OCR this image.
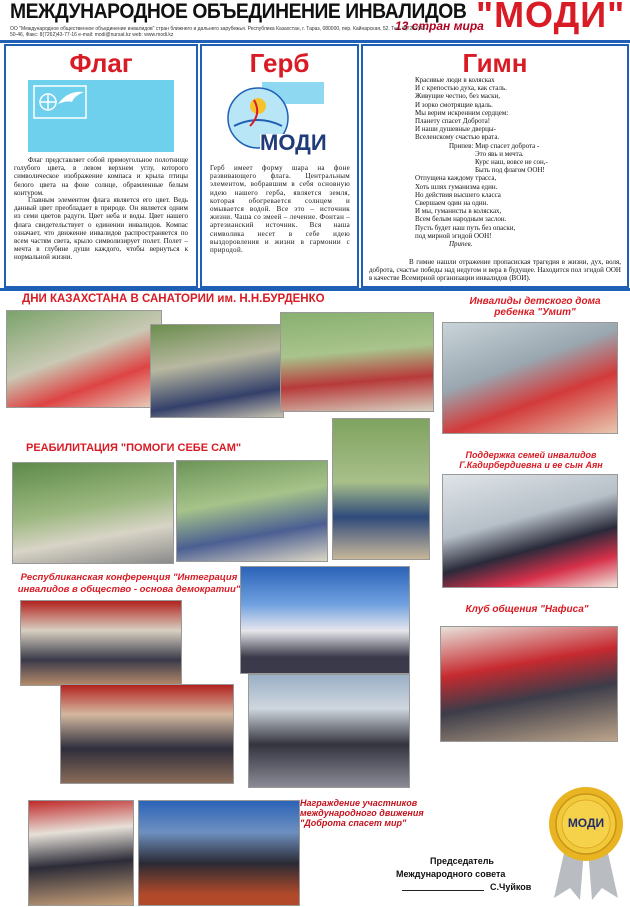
МЕЖДУНАРОДНОЕ ОБЪЕДИНЕНИЕ ИНВАЛИДОВ
13 стран мира
"МОДИ"
ОО "Международное общественное объединение инвалидов" стран ближнего и дальнего зарубежья. Республика Казахстан, г. Тараз, 080000, пер. Кайнарская, 52. Тел. 8(7262)43-50-46, Факс: 8(7262)43-77-16 e-mail: modi@nursat.kz web: www.modi.kz
Флаг
Флаг представляет собой прямоугольное полотнище голубого цвета, в левом верхнем углу, которого символическое изображение компаса и крыла птицы белого цвета на фоне солнце, обрамленные белым контуром.
Главным элементом флага является его цвет. Ведь данный цвет преобладает в природе. Он является одним из семи цветов радуги. Цвет неба и воды. Цвет нашего флага свидетельствует о единении инвалидов. Компас означает, что движение инвалидов распространяется по всем частям света, крыло символизирует полет. Полет – мечта в глубине души каждого, чтобы вернуться к нормальной жизни.
Герб
МОДИ
Герб имеет форму шара на фоне развивающего флага. Центральным элементом, вобравшим в себя основную идею нашего герба, является земля, которая обогревается солнцем и омывается водой. Все это – источник жизни. Чаша со змеей – лечение. Фонтан – артезианский источник. Вся наша символика несет в себе идею выздоровления и жизни в гармонии с природой.
Гимн
Красивые люди в колясках
И с крепостью духа, как сталь.
Живущие честно, без маски,
И зорко смотрящие вдаль.
Мы верим искренним сердцем:
Планету спасет Доброта!
И наши душевные дверцы-
Вселенскому счастью врата.
Припев: Мир спасет доброта -
Это явь и мечта.
Курс наш, вовсе не сон,-
Быть под флагом ООН!
Отпущена каждому трасса,
Хоть шлях гуманизма един.
Но действия высшего класса
Свершаем один на один.
И мы, гуманисты в колясках,
Всем белым народным заслон.
Пусть будет наш путь без опаски,
под мирной эгидой ООН!
Припев.
В гимне нашли отражение пропасиская трагедия в жизни, дух, воля, доброта, счастье победы над недугом и вера в будущее. Находится пол эгидой ООН в качестве Всемирной организации инвалидов (ВОИ).
ДНИ КАЗАХСТАНА В САНАТОРИИ им. Н.Н.БУРДЕНКО	Инвалиды детского дома ребенка "Умит"
РЕАБИЛИТАЦИЯ "ПОМОГИ СЕБЕ САМ"
Поддержка семей инвалидов Г.Кадирбердиевна и ее сын Аян
Республиканская конференция "Интеграция инвалидов в общество - основа демократии"
Клуб общения "Нафиса"
Награждение участников международного движения "Доброта спасет мир"
Председатель
Международного совета
С.Чуйков
МОДИ
